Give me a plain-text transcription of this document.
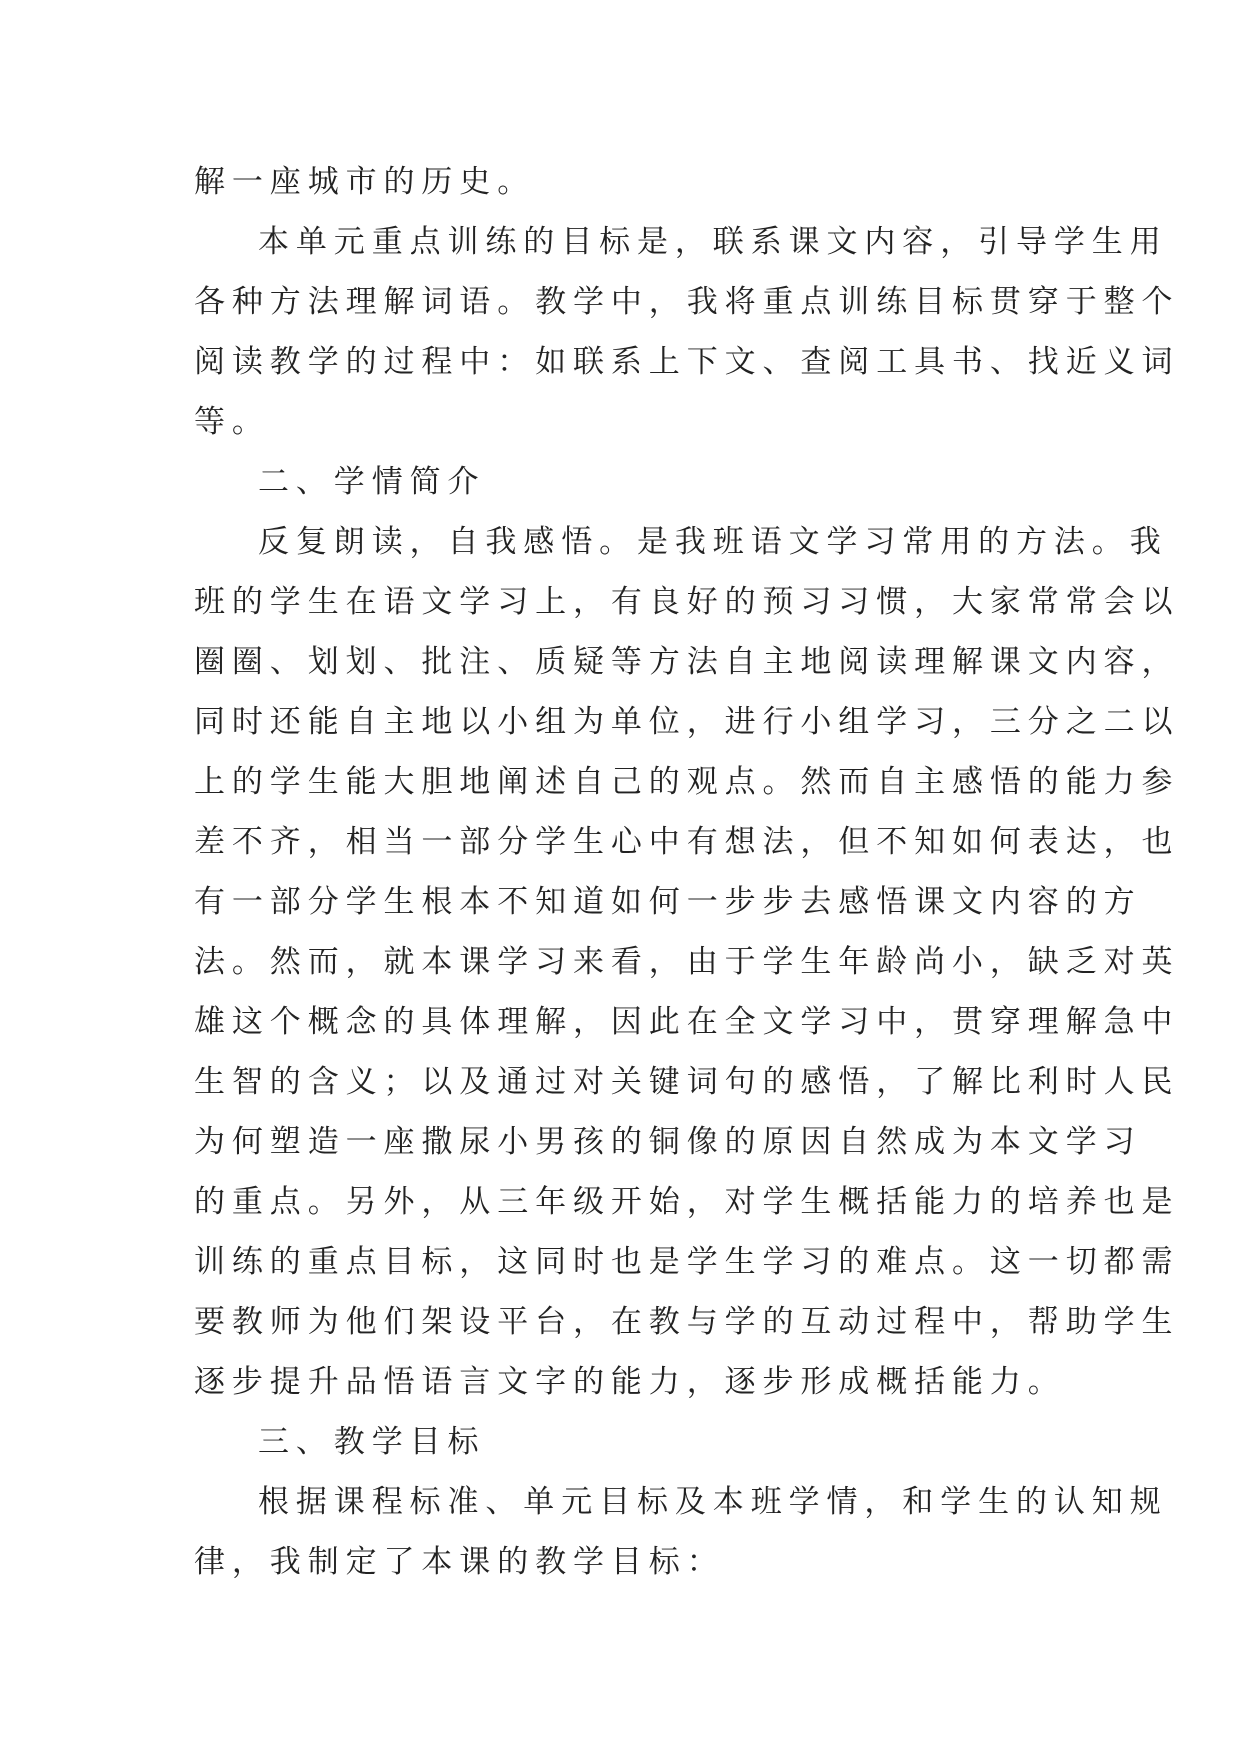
解一座城市的历史。

本单元重点训练的目标是，联系课文内容，引导学生用
各种方法理解词语。教学中，我将重点训练目标贯穿于整个
阅读教学的过程中：如联系上下文、查阅工具书、找近义词
等。

二、学情简介

反复朗读，自我感悟。是我班语文学习常用的方法。我
班的学生在语文学习上，有良好的预习习惯，大家常常会以
圈圈、划划、批注、质疑等方法自主地阅读理解课文内容，
同时还能自主地以小组为单位，进行小组学习，三分之二以
上的学生能大胆地阐述自己的观点。然而自主感悟的能力参
差不齐，相当一部分学生心中有想法，但不知如何表达，也
有一部分学生根本不知道如何一步步去感悟课文内容的方
法。然而，就本课学习来看，由于学生年龄尚小，缺乏对英
雄这个概念的具体理解，因此在全文学习中，贯穿理解急中
生智的含义；以及通过对关键词句的感悟，了解比利时人民
为何塑造一座撒尿小男孩的铜像的原因自然成为本文学习
的重点。另外，从三年级开始，对学生概括能力的培养也是
训练的重点目标，这同时也是学生学习的难点。这一切都需
要教师为他们架设平台，在教与学的互动过程中，帮助学生
逐步提升品悟语言文字的能力，逐步形成概括能力。

三、教学目标

根据课程标准、单元目标及本班学情，和学生的认知规
律，我制定了本课的教学目标：
